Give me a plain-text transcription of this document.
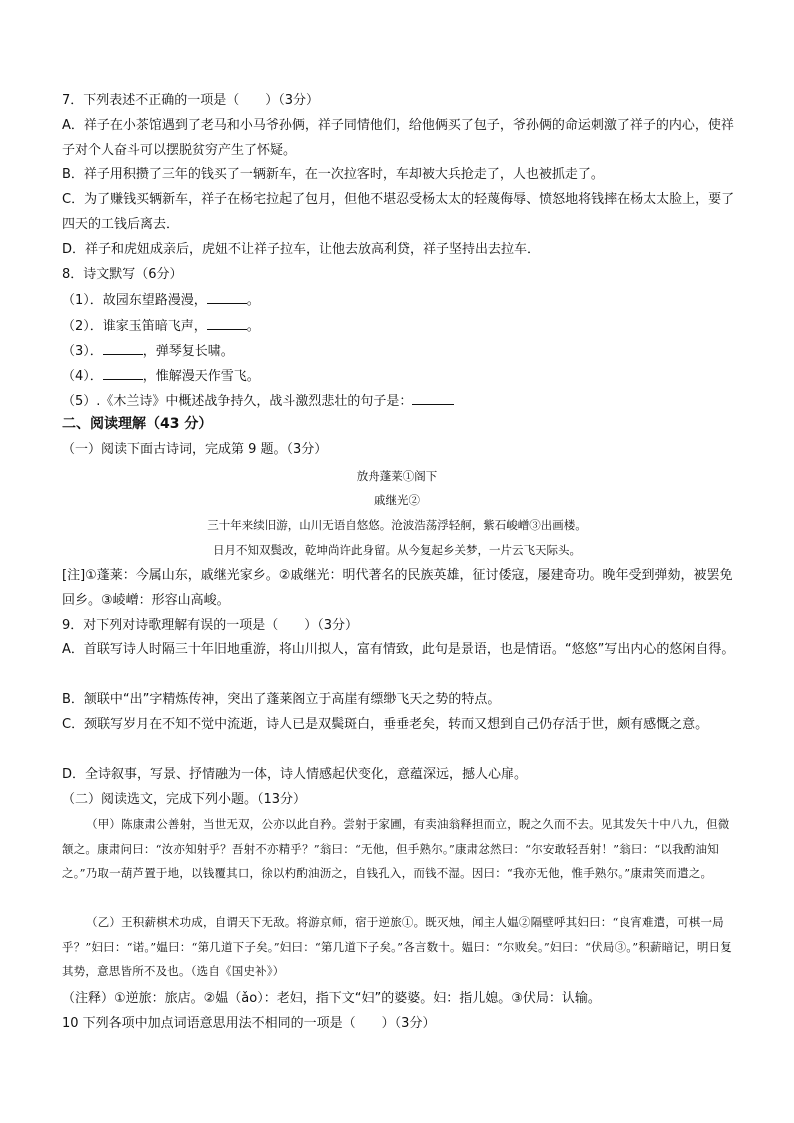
7．下列表述不正确的一项是（　　）（3分）
A．祥子在小茶馆遇到了老马和小马爷孙俩，祥子同情他们，给他俩买了包子，爷孙俩的命运刺激了祥子的内心，使祥子对个人奋斗可以摆脱贫穷产生了怀疑。
B．祥子用积攒了三年的钱买了一辆新车，在一次拉客时，车却被大兵抢走了，人也被抓走了。
C．为了赚钱买辆新车，祥子在杨宅拉起了包月，但他不堪忍受杨太太的轻蔑侮辱、愤怒地将钱摔在杨太太脸上，要了四天的工钱后离去．
D．祥子和虎妞成亲后，虎妞不让祥子拉车，让他去放高利贷，祥子坚持出去拉车．
8．诗文默写（6分）
（1）．故园东望路漫漫，	。
（2）．谁家玉笛暗飞声，	。
（3）．	，弹琴复长啸。
（4）．	，惟解漫天作雪飞。
（5）.《木兰诗》中概述战争持久，战斗激烈悲壮的句子是：
二、阅读理解（43 分）
（一）阅读下面古诗词，完成第 9 题。（3分）
放舟蓬莱①阁下
戚继光②
三十年来续旧游，山川无语自悠悠。沧波浩荡浮轻舸，紫石峻嶒③出画楼。
日月不知双鬓改，乾坤尚许此身留。从今复起乡关梦，一片云飞天际头。
[注]①蓬莱：今属山东，戚继光家乡。②戚继光：明代著名的民族英雄，征讨倭寇，屡建奇功。晚年受到弹劾，被罢免回乡。③崚嶒：形容山高峻。
9．对下列对诗歌理解有误的一项是（　　）（3分）
A．首联写诗人时隔三十年旧地重游，将山川拟人，富有情致，此句是景语，也是情语。“悠悠”写出内心的悠闲自得。
B．颔联中“出”字精炼传神，突出了蓬莱阁立于高崖有缥缈飞天之势的特点。
C．颈联写岁月在不知不觉中流逝，诗人已是双鬓斑白，垂垂老矣，转而又想到自己仍存活于世，颇有感慨之意。
D．全诗叙事，写景、抒情融为一体，诗人情感起伏变化，意蕴深远，撼人心扉。
（二）阅读选文，完成下列小题。（13分）
（甲）陈康肃公善射，当世无双，公亦以此自矜。尝射于家圃，有卖油翁释担而立，睨之久而不去。见其发矢十中八九，但微颔之。康肃问曰：“汝亦知射乎？吾射不亦精乎？”翁曰：“无他，但手熟尔。”康肃忿然曰：“尔安敢轻吾射！”翁曰：“以我酌油知之。”乃取一葫芦置于地，以钱覆其口，徐以杓酌油沥之，自钱孔入，而钱不湿。因曰：“我亦无他，惟手熟尔。”康肃笑而遣之。
（乙）王积薪棋术功成，自谓天下无敌。将游京师，宿于逆旅①。既灭烛，闻主人媪②隔壁呼其妇曰：“良宵难遣，可棋一局乎？”妇曰：“诺。”媪曰：“第几道下子矣。”妇曰：“第几道下子矣。”各言数十。媪曰：“尔败矣。”妇曰：“伏局③。”积薪暗记，明日复其势，意思皆所不及也。（选自《国史补》）
（注释）①逆旅：旅店。②媪（ǎo）：老妇，指下文“妇”的婆婆。妇：指儿媳。③伏局：认输。
10 下列各项中加点词语意思用法不相同的一项是（　　）（3分）
